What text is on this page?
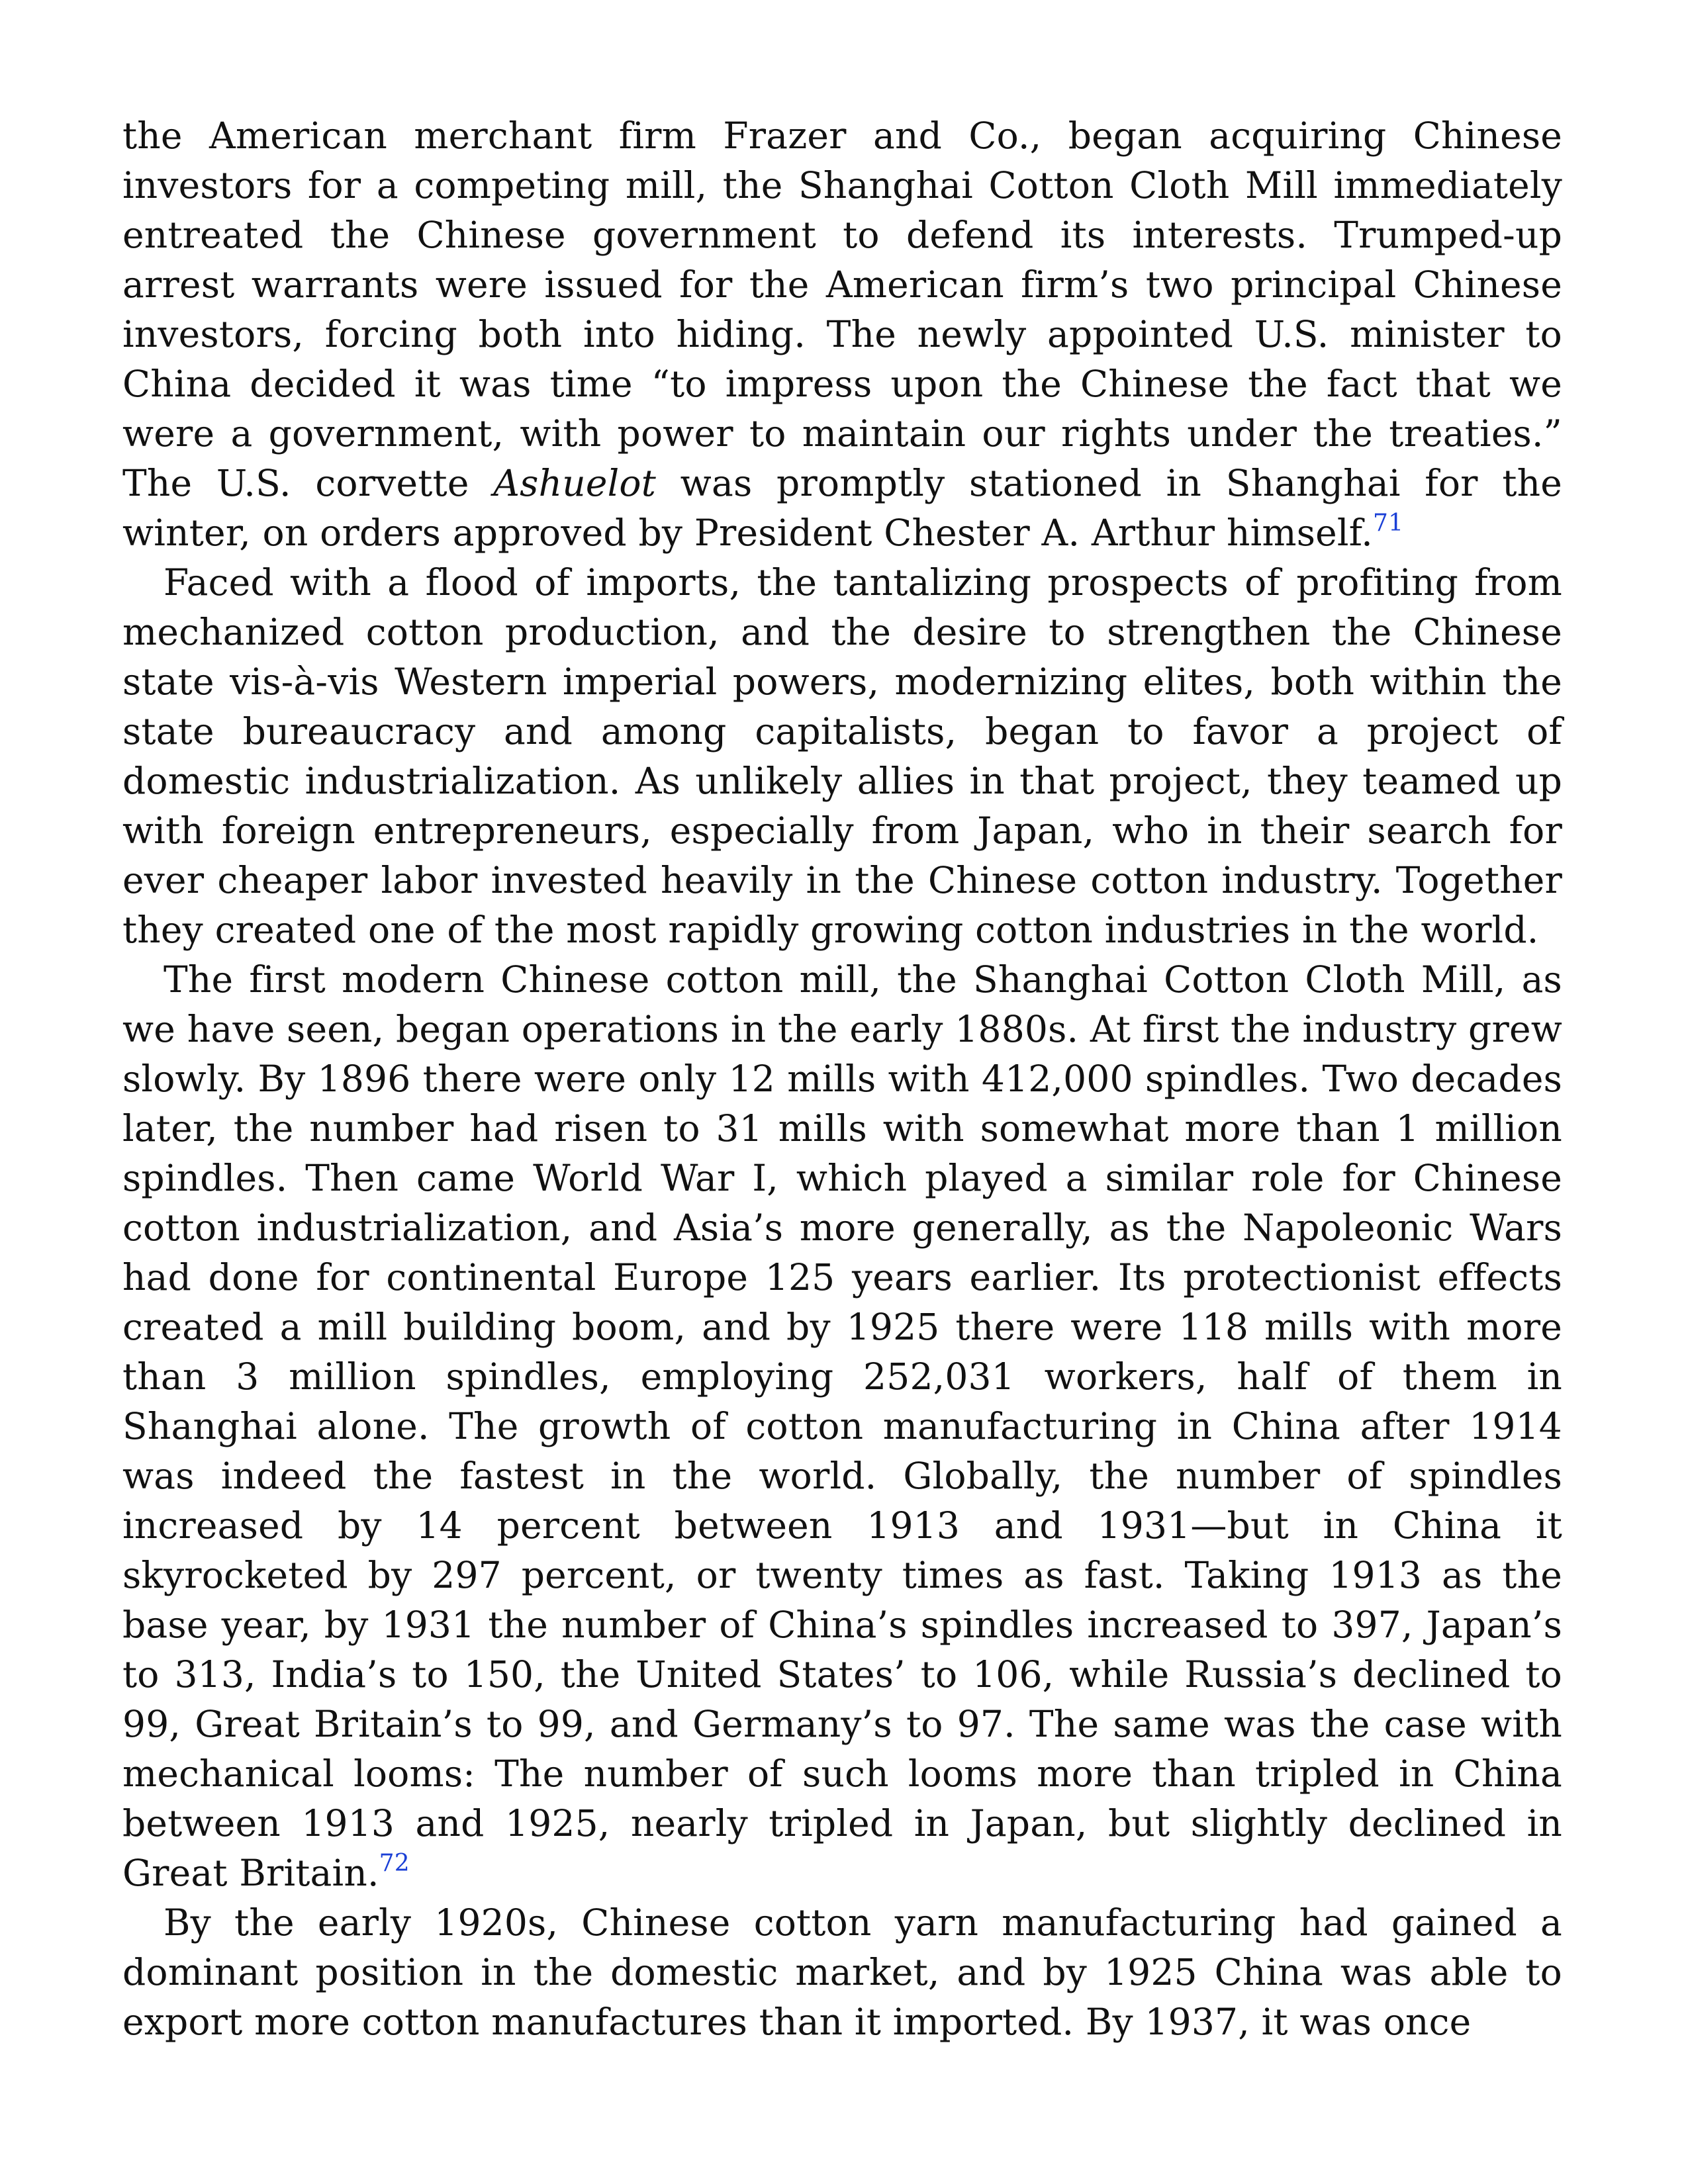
the American merchant firm Frazer and Co., began acquiring Chinese investors for a competing mill, the Shanghai Cotton Cloth Mill immediately entreated the Chinese government to defend its interests. Trumped-up arrest warrants were issued for the American firm’s two principal Chinese investors, forcing both into hiding. The newly appointed U.S. minister to China decided it was time “to impress upon the Chinese the fact that we were a government, with power to maintain our rights under the treaties.” The U.S. corvette Ashuelot was promptly stationed in Shanghai for the winter, on orders approved by President Chester A. Arthur himself.$^{71}$

Faced with a flood of imports, the tantalizing prospects of profiting from mechanized cotton production, and the desire to strengthen the Chinese state vis-à-vis Western imperial powers, modernizing elites, both within the state bureaucracy and among capitalists, began to favor a project of domestic industrialization. As unlikely allies in that project, they teamed up with foreign entrepreneurs, especially from Japan, who in their search for ever cheaper labor invested heavily in the Chinese cotton industry. Together they created one of the most rapidly growing cotton industries in the world.

The first modern Chinese cotton mill, the Shanghai Cotton Cloth Mill, as we have seen, began operations in the early 1880s. At first the industry grew slowly. By 1896 there were only 12 mills with 412,000 spindles. Two decades later, the number had risen to 31 mills with somewhat more than 1 million spindles. Then came World War I, which played a similar role for Chinese cotton industrialization, and Asia’s more generally, as the Napoleonic Wars had done for continental Europe 125 years earlier. Its protectionist effects created a mill building boom, and by 1925 there were 118 mills with more than 3 million spindles, employing 252,031 workers, half of them in Shanghai alone. The growth of cotton manufacturing in China after 1914 was indeed the fastest in the world. Globally, the number of spindles increased by 14 percent between 1913 and 1931—but in China it skyrocketed by 297 percent, or twenty times as fast. Taking 1913 as the base year, by 1931 the number of China’s spindles increased to 397, Japan’s to 313, India’s to 150, the United States’ to 106, while Russia’s declined to 99, Great Britain’s to 99, and Germany’s to 97. The same was the case with mechanical looms: The number of such looms more than tripled in China between 1913 and 1925, nearly tripled in Japan, but slightly declined in Great Britain.$^{72}$

By the early 1920s, Chinese cotton yarn manufacturing had gained a dominant position in the domestic market, and by 1925 China was able to export more cotton manufactures than it imported. By 1937, it was once
